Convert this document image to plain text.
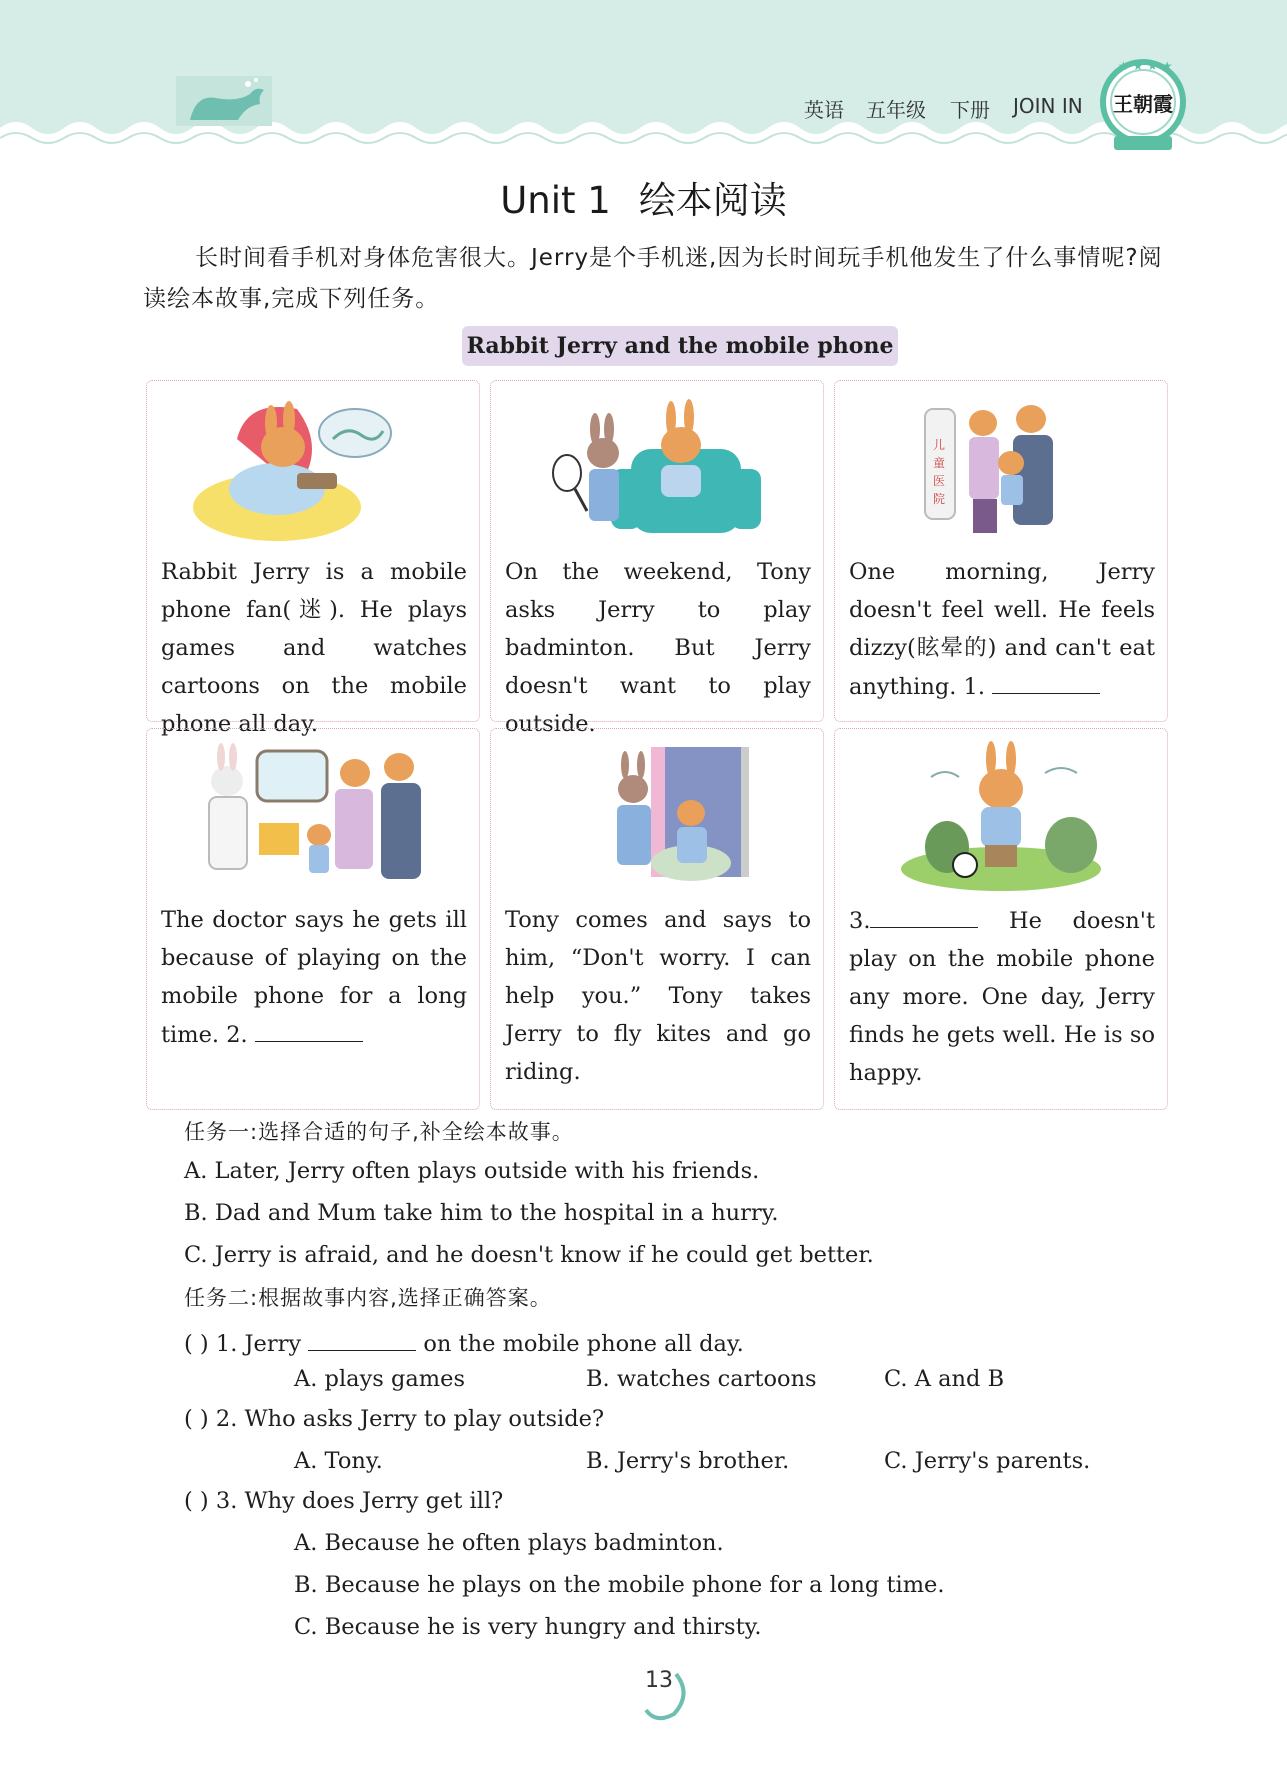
英语 五年级 下册 JOIN IN
★ ★ ★ ★
王朝霞
Unit 1 绘本阅读
长时间看手机对身体危害很大。Jerry是个手机迷,因为长时间玩手机他发生了什么事情呢?阅读绘本故事,完成下列任务。
Rabbit Jerry and the mobile phone
Rabbit Jerry is a mobile phone fan(迷). He plays games and watches cartoons on the mobile phone all day.
On the weekend, Tony asks Jerry to play badminton. But Jerry doesn't want to play outside.
儿
童
医
院
One morning, Jerry doesn't feel well. He feels dizzy(眩晕的) and can't eat anything. 1.
The doctor says he gets ill because of playing on the mobile phone for a long time. 2.
Tony comes and says to him, “Don't worry. I can help you.” Tony takes Jerry to fly kites and go riding.
3.	He doesn't play on the mobile phone any more. One day, Jerry finds he gets well. He is so happy.
任务一:选择合适的句子,补全绘本故事。
A. Later, Jerry often plays outside with his friends.
B. Dad and Mum take him to the hospital in a hurry.
C. Jerry is afraid, and he doesn't know if he could get better.
任务二:根据故事内容,选择正确答案。
( ) 1. Jerry	on the mobile phone all day.
A. plays games	B. watches cartoons	C. A and B
( ) 2. Who asks Jerry to play outside?
A. Tony.	B. Jerry's brother.	C. Jerry's parents.
( ) 3. Why does Jerry get ill?
A. Because he often plays badminton.
B. Because he plays on the mobile phone for a long time.
C. Because he is very hungry and thirsty.
13
